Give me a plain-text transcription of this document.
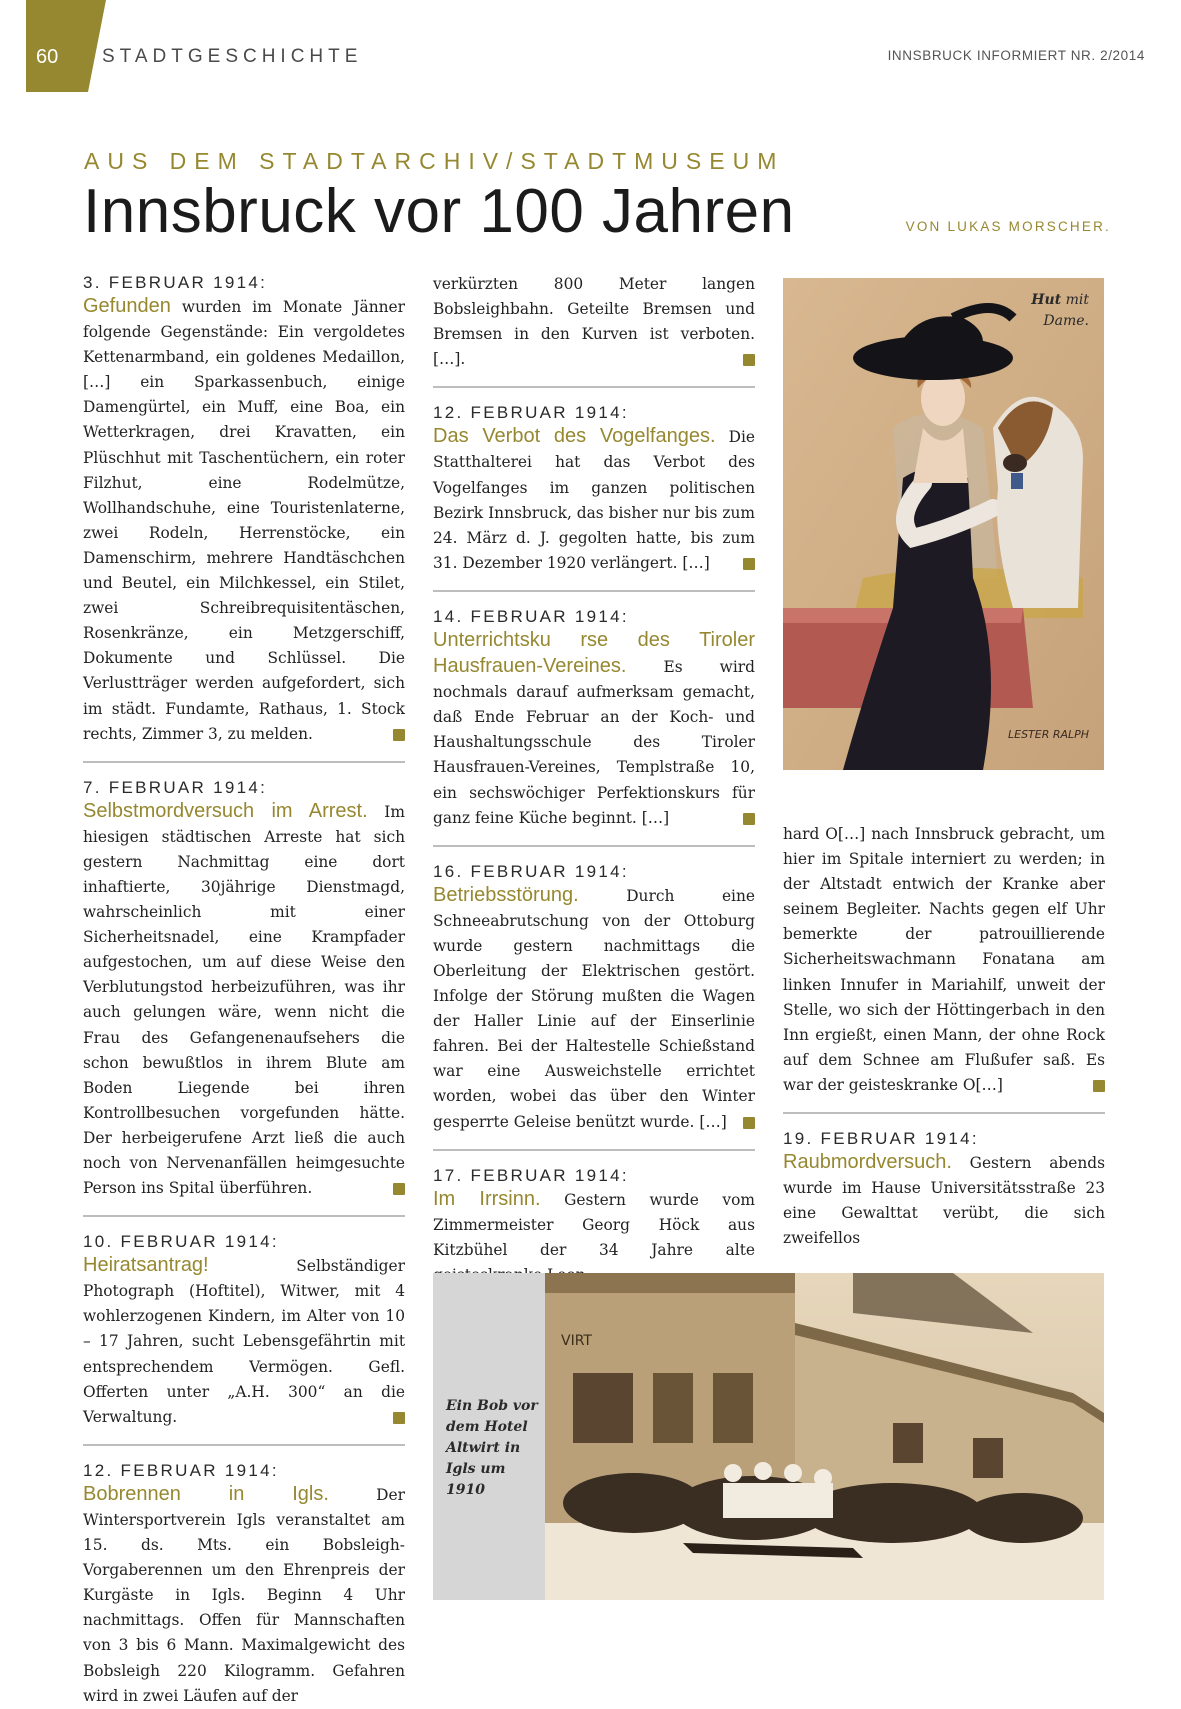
60 STADTGESCHICHTE	INNSBRUCK INFORMIERT NR. 2/2014
AUS DEM STADTARCHIV/STADTMUSEUM
Innsbruck vor 100 Jahren	VON LUKAS MORSCHER.
3. FEBRUAR 1914:

Gefunden wurden im Monate Jänner folgende Gegenstände: Ein vergoldetes Kettenarmband, ein goldenes Medaillon, […] ein Sparkassenbuch, einige Damengürtel, ein Muff, eine Boa, ein Wetterkragen, drei Kravatten, ein Plüschhut mit Taschentüchern, ein roter Filzhut, eine Rodelmütze, Wollhandschuhe, eine Touristenlaterne, zwei Rodeln, Herrenstöcke, ein Damenschirm, mehrere Handtäschchen und Beutel, ein Milchkessel, ein Stilet, zwei Schreibrequisitentäschen, Rosenkränze, ein Metzgerschiff, Dokumente und Schlüssel. Die Verlustträger werden aufgefordert, sich im städt. Fundamte, Rathaus, 1. Stock rechts, Zimmer 3, zu melden.

7. FEBRUAR 1914:

Selbstmordversuch im Arrest. Im hiesigen städtischen Arreste hat sich gestern Nachmittag eine dort inhaftierte, 30jährige Dienstmagd, wahrscheinlich mit einer Sicherheitsnadel, eine Krampfader aufgestochen, um auf diese Weise den Verblutungstod herbeizuführen, was ihr auch gelungen wäre, wenn nicht die Frau des Gefangenenaufsehers die schon bewußtlos in ihrem Blute am Boden Liegende bei ihren Kontrollbesuchen vorgefunden hätte. Der herbeigerufene Arzt ließ die auch noch von Nervenanfällen heimgesuchte Person ins Spital überführen.

10. FEBRUAR 1914:

Heiratsantrag! Selbständiger Photograph (Hoftitel), Witwer, mit 4 wohlerzogenen Kindern, im Alter von 10 – 17 Jahren, sucht Lebensgefährtin mit entsprechendem Vermögen. Gefl. Offerten unter „A.H. 300“ an die Verwaltung.

12. FEBRUAR 1914:

Bobrennen in Igls. Der Wintersportverein Igls veranstaltet am 15. ds. Mts. ein Bobsleigh-Vorgaberennen um den Ehrenpreis der Kurgäste in Igls. Beginn 4 Uhr nachmittags. Offen für Mannschaften von 3 bis 6 Mann. Maximalgewicht des Bobsleigh 220 Kilogramm. Gefahren wird in zwei Läufen auf der

verkürzten 800 Meter langen Bobsleighbahn. Geteilte Bremsen und Bremsen in den Kurven ist verboten. […].

12. FEBRUAR 1914:

Das Verbot des Vogelfanges. Die Statthalterei hat das Verbot des Vogelfanges im ganzen politischen Bezirk Innsbruck, das bisher nur bis zum 24. März d. J. gegolten hatte, bis zum 31. Dezember 1920 verlängert. […]

14. FEBRUAR 1914:

Unterrichtsku rse des Tiroler Hausfrauen-Vereines. Es wird nochmals darauf aufmerksam gemacht, daß Ende Februar an der Koch- und Haushaltungsschule des Tiroler Hausfrauen-Vereines, Templstraße 10, ein sechswöchiger Perfektionskurs für ganz feine Küche beginnt. […]

16. FEBRUAR 1914:

Betriebsstörung. Durch eine Schneeabrutschung von der Ottoburg wurde gestern nachmittags die Oberleitung der Elektrischen gestört. Infolge der Störung mußten die Wagen der Haller Linie auf der Einserlinie fahren. Bei der Haltestelle Schießstand war eine Ausweichstelle errichtet worden, wobei das über den Winter gesperrte Geleise benützt wurde. […]

17. FEBRUAR 1914:

Im Irrsinn. Gestern wurde vom Zimmermeister Georg Höck aus Kitzbühel der 34 Jahre alte

hard O[…] nach Innsbruck gebracht, um hier im Spitale interniert zu werden; in der Altstadt entwich der Kranke aber seinem Begleiter. Nachts gegen elf Uhr bemerkte der patrouillierende Sicherheitswachmann Fonatana am linken Innufer in Mariahilf, unweit der Stelle, wo sich der Höttingerbach in den Inn ergießt, einen Mann, der ohne Rock auf dem Schnee am Flußufer saß. Es war der geisteskranke O[…]

19. FEBRUAR 1914:

Raubmordversuch. Gestern abends wurde im Hause Universitätsstraße 23 eine Gewalttat verübt, die sich zweifellos

LESTER RALPH
Hut mit
Dame.
VIRT
Ein Bob vor dem Hotel Altwirt in Igls um 1910
